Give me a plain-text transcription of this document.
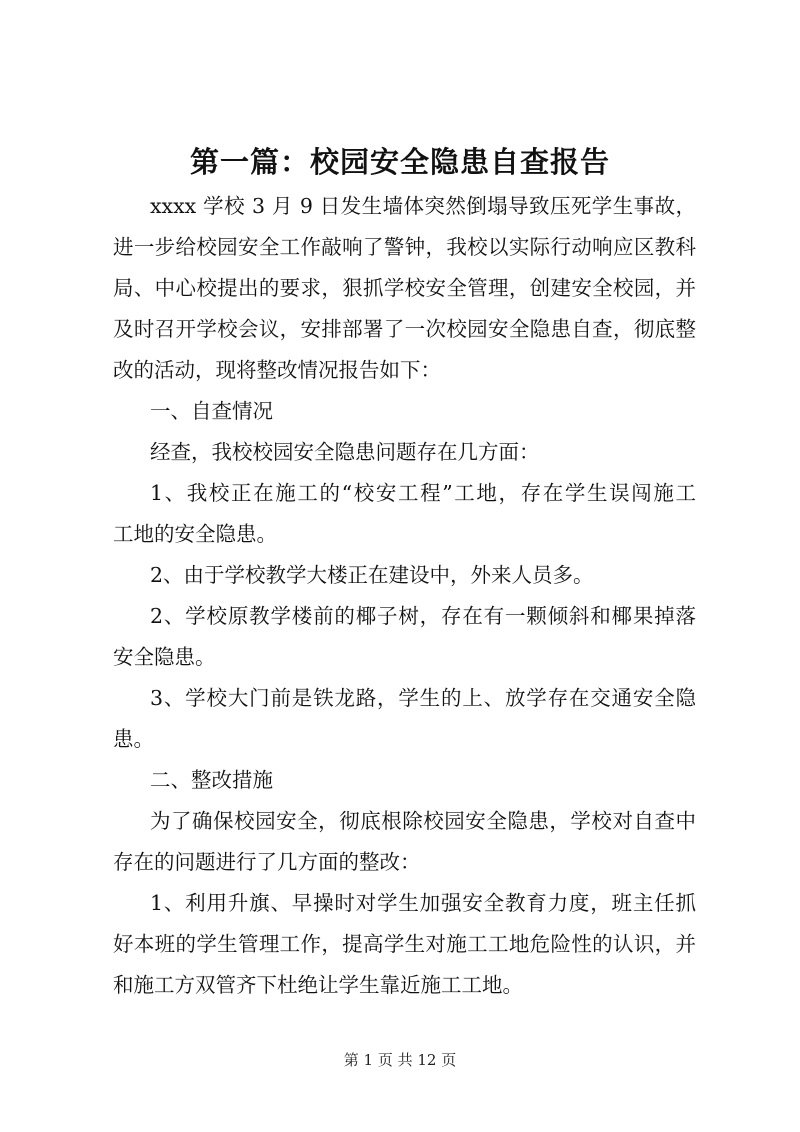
第一篇：校园安全隐患自查报告
xxxx 学校 3 月 9 日发生墙体突然倒塌导致压死学生事故，
进一步给校园安全工作敲响了警钟，我校以实际行动响应区教科
局、中心校提出的要求，狠抓学校安全管理，创建安全校园，并
及时召开学校会议，安排部署了一次校园安全隐患自查，彻底整
改的活动，现将整改情况报告如下：
一、自查情况
经查，我校校园安全隐患问题存在几方面：
1、我校正在施工的“校安工程”工地，存在学生误闯施工
工地的安全隐患。
2、由于学校教学大楼正在建设中，外来人员多。
2、学校原教学楼前的椰子树，存在有一颗倾斜和椰果掉落
安全隐患。
3、学校大门前是铁龙路，学生的上、放学存在交通安全隐
患。
二、整改措施
为了确保校园安全，彻底根除校园安全隐患，学校对自查中
存在的问题进行了几方面的整改：
1、利用升旗、早操时对学生加强安全教育力度，班主任抓
好本班的学生管理工作，提高学生对施工工地危险性的认识，并
和施工方双管齐下杜绝让学生靠近施工工地。
第 1 页 共 12 页
